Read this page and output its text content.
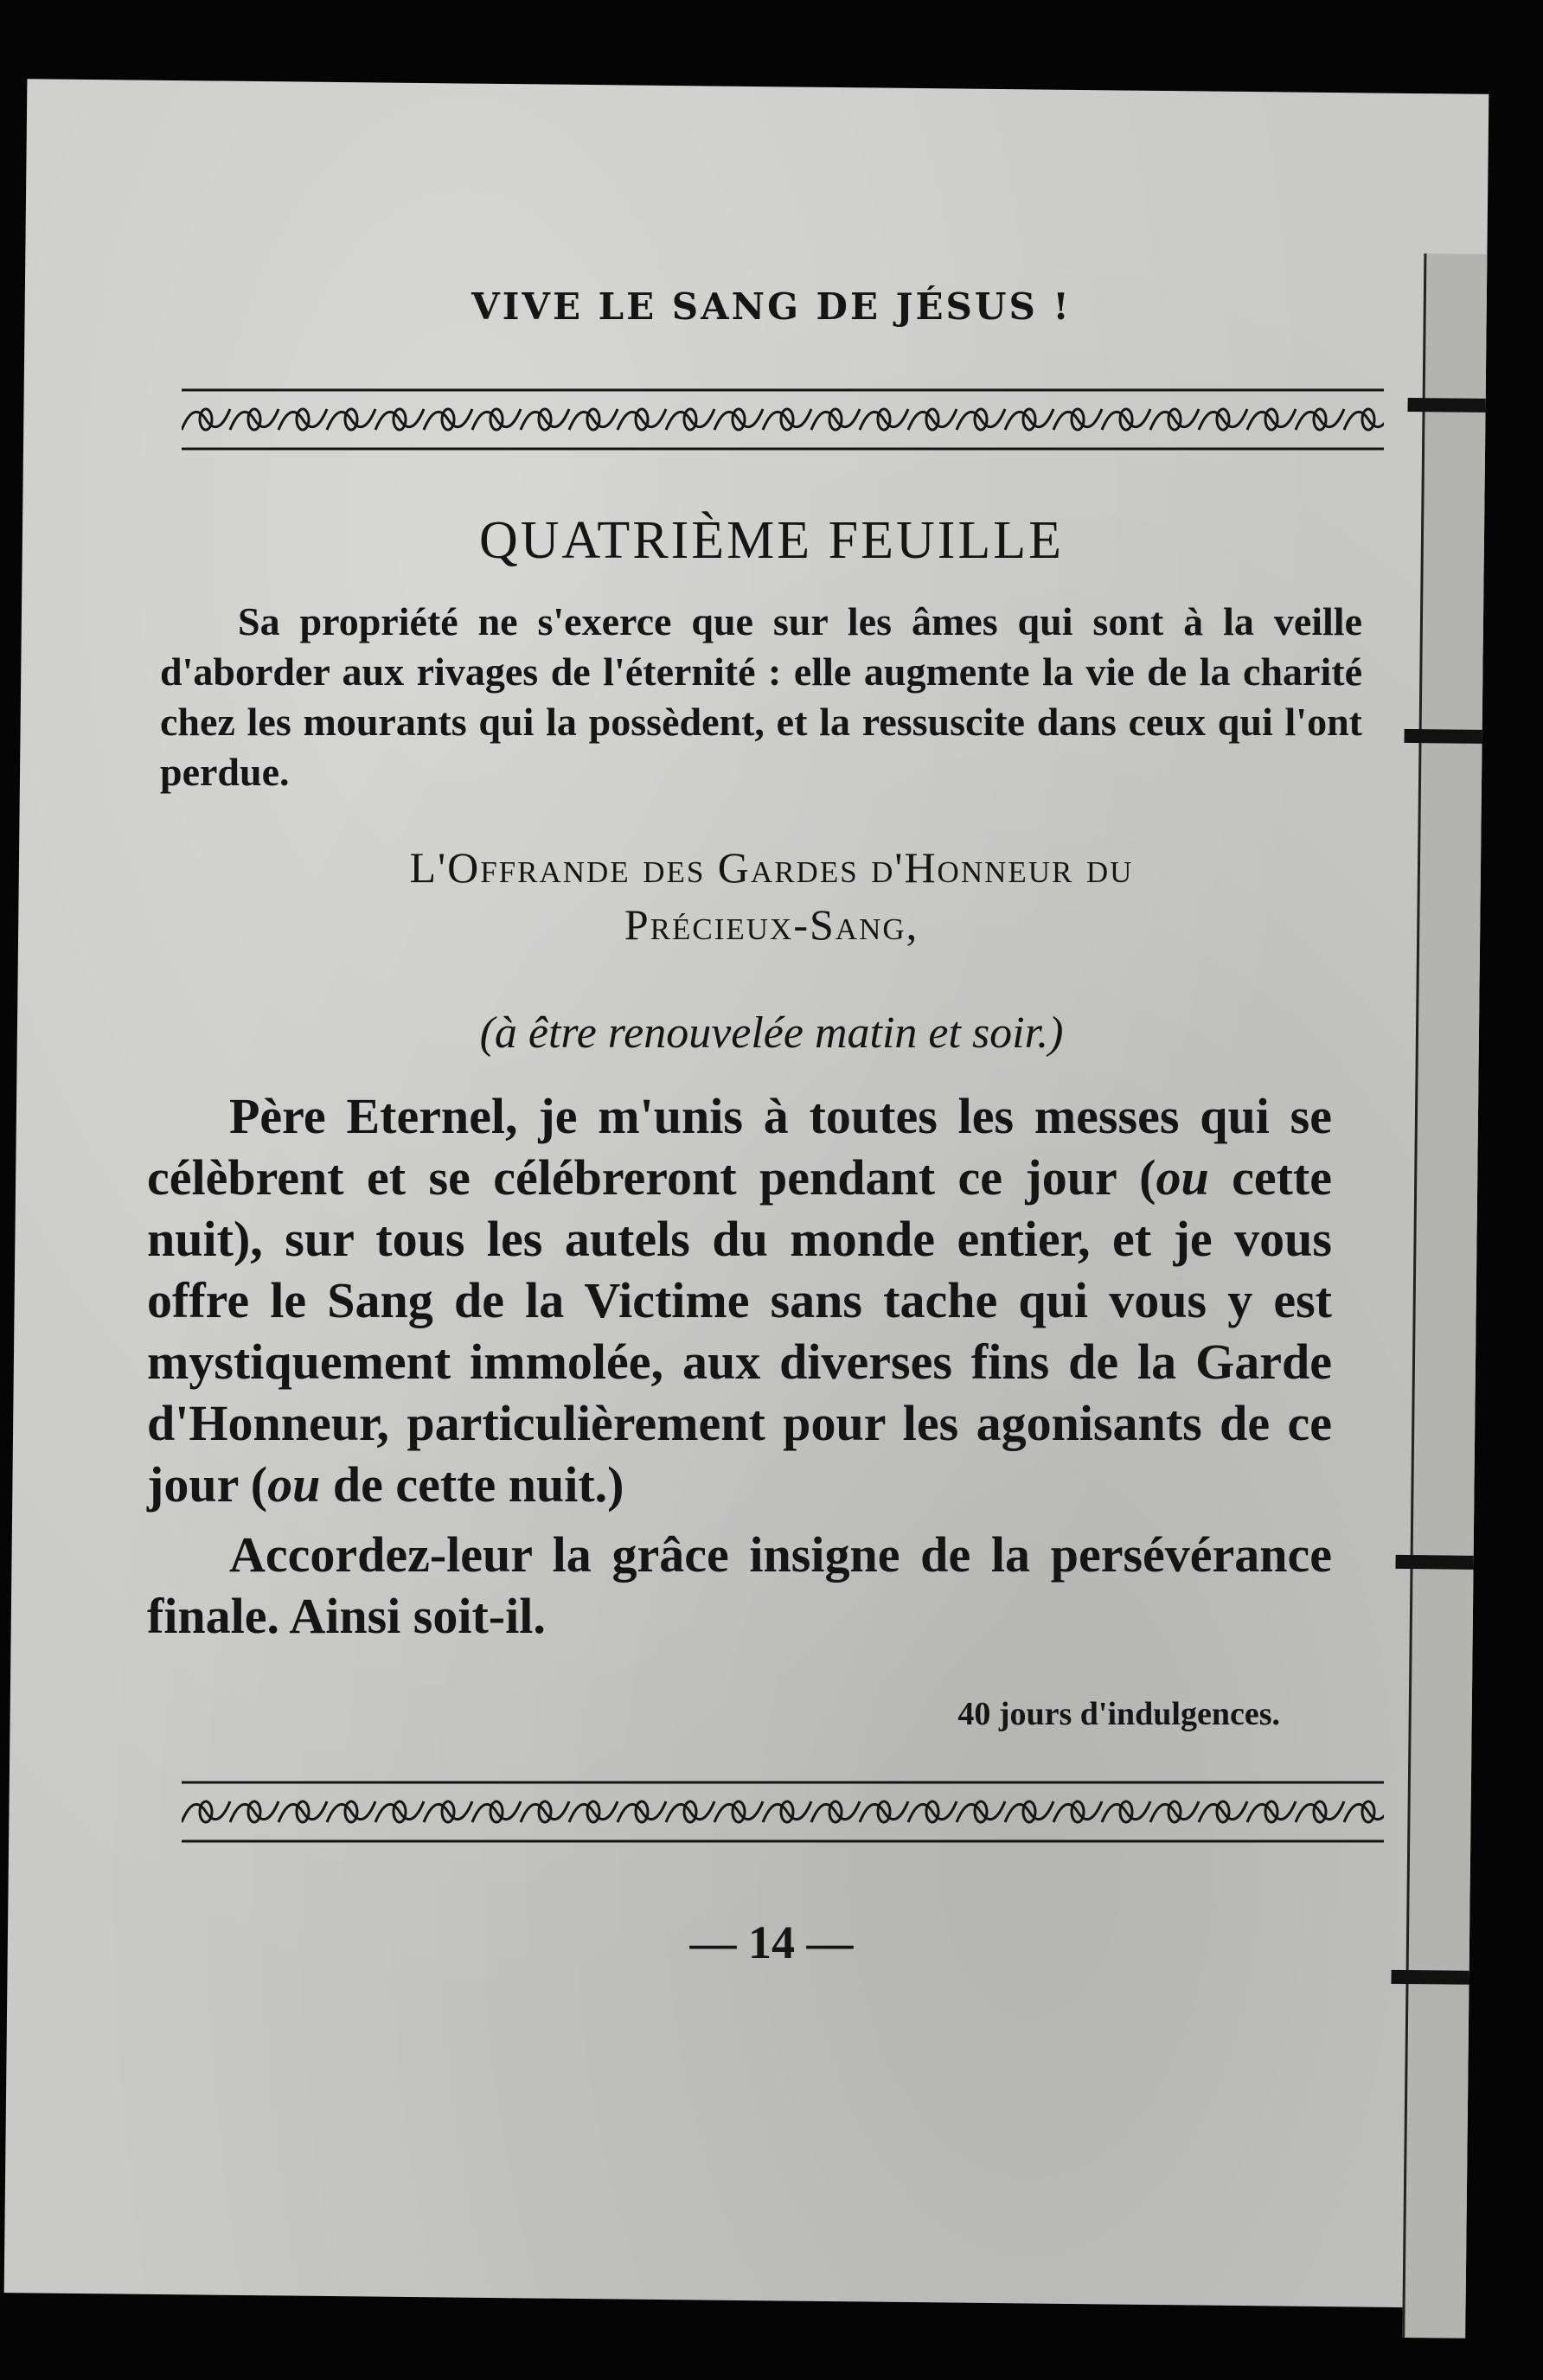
VIVE LE SANG DE JÉSUS !
QUATRIÈME FEUILLE

Sa propriété ne s'exerce que sur les âmes qui sont à la veille d'aborder aux rivages de l'éternité : elle augmente la vie de la charité chez les mourants qui la possèdent, et la ressuscite dans ceux qui l'ont perdue.

L'Offrande des Gardes d'Honneur du
Précieux-Sang,
(à être renouvelée matin et soir.)

Père Eternel, je m'unis à toutes les messes qui se célèbrent et se célébreront pendant ce jour (ou cette nuit), sur tous les autels du monde entier, et je vous offre le Sang de la Victime sans tache qui vous y est mystiquement immolée, aux diverses fins de la Garde d'Honneur, particulièrement pour les agonisants de ce jour (ou de cette nuit.)

Accordez-leur la grâce insigne de la persévérance finale. Ainsi soit-il.

40 jours d'indulgences.
— 14 —
